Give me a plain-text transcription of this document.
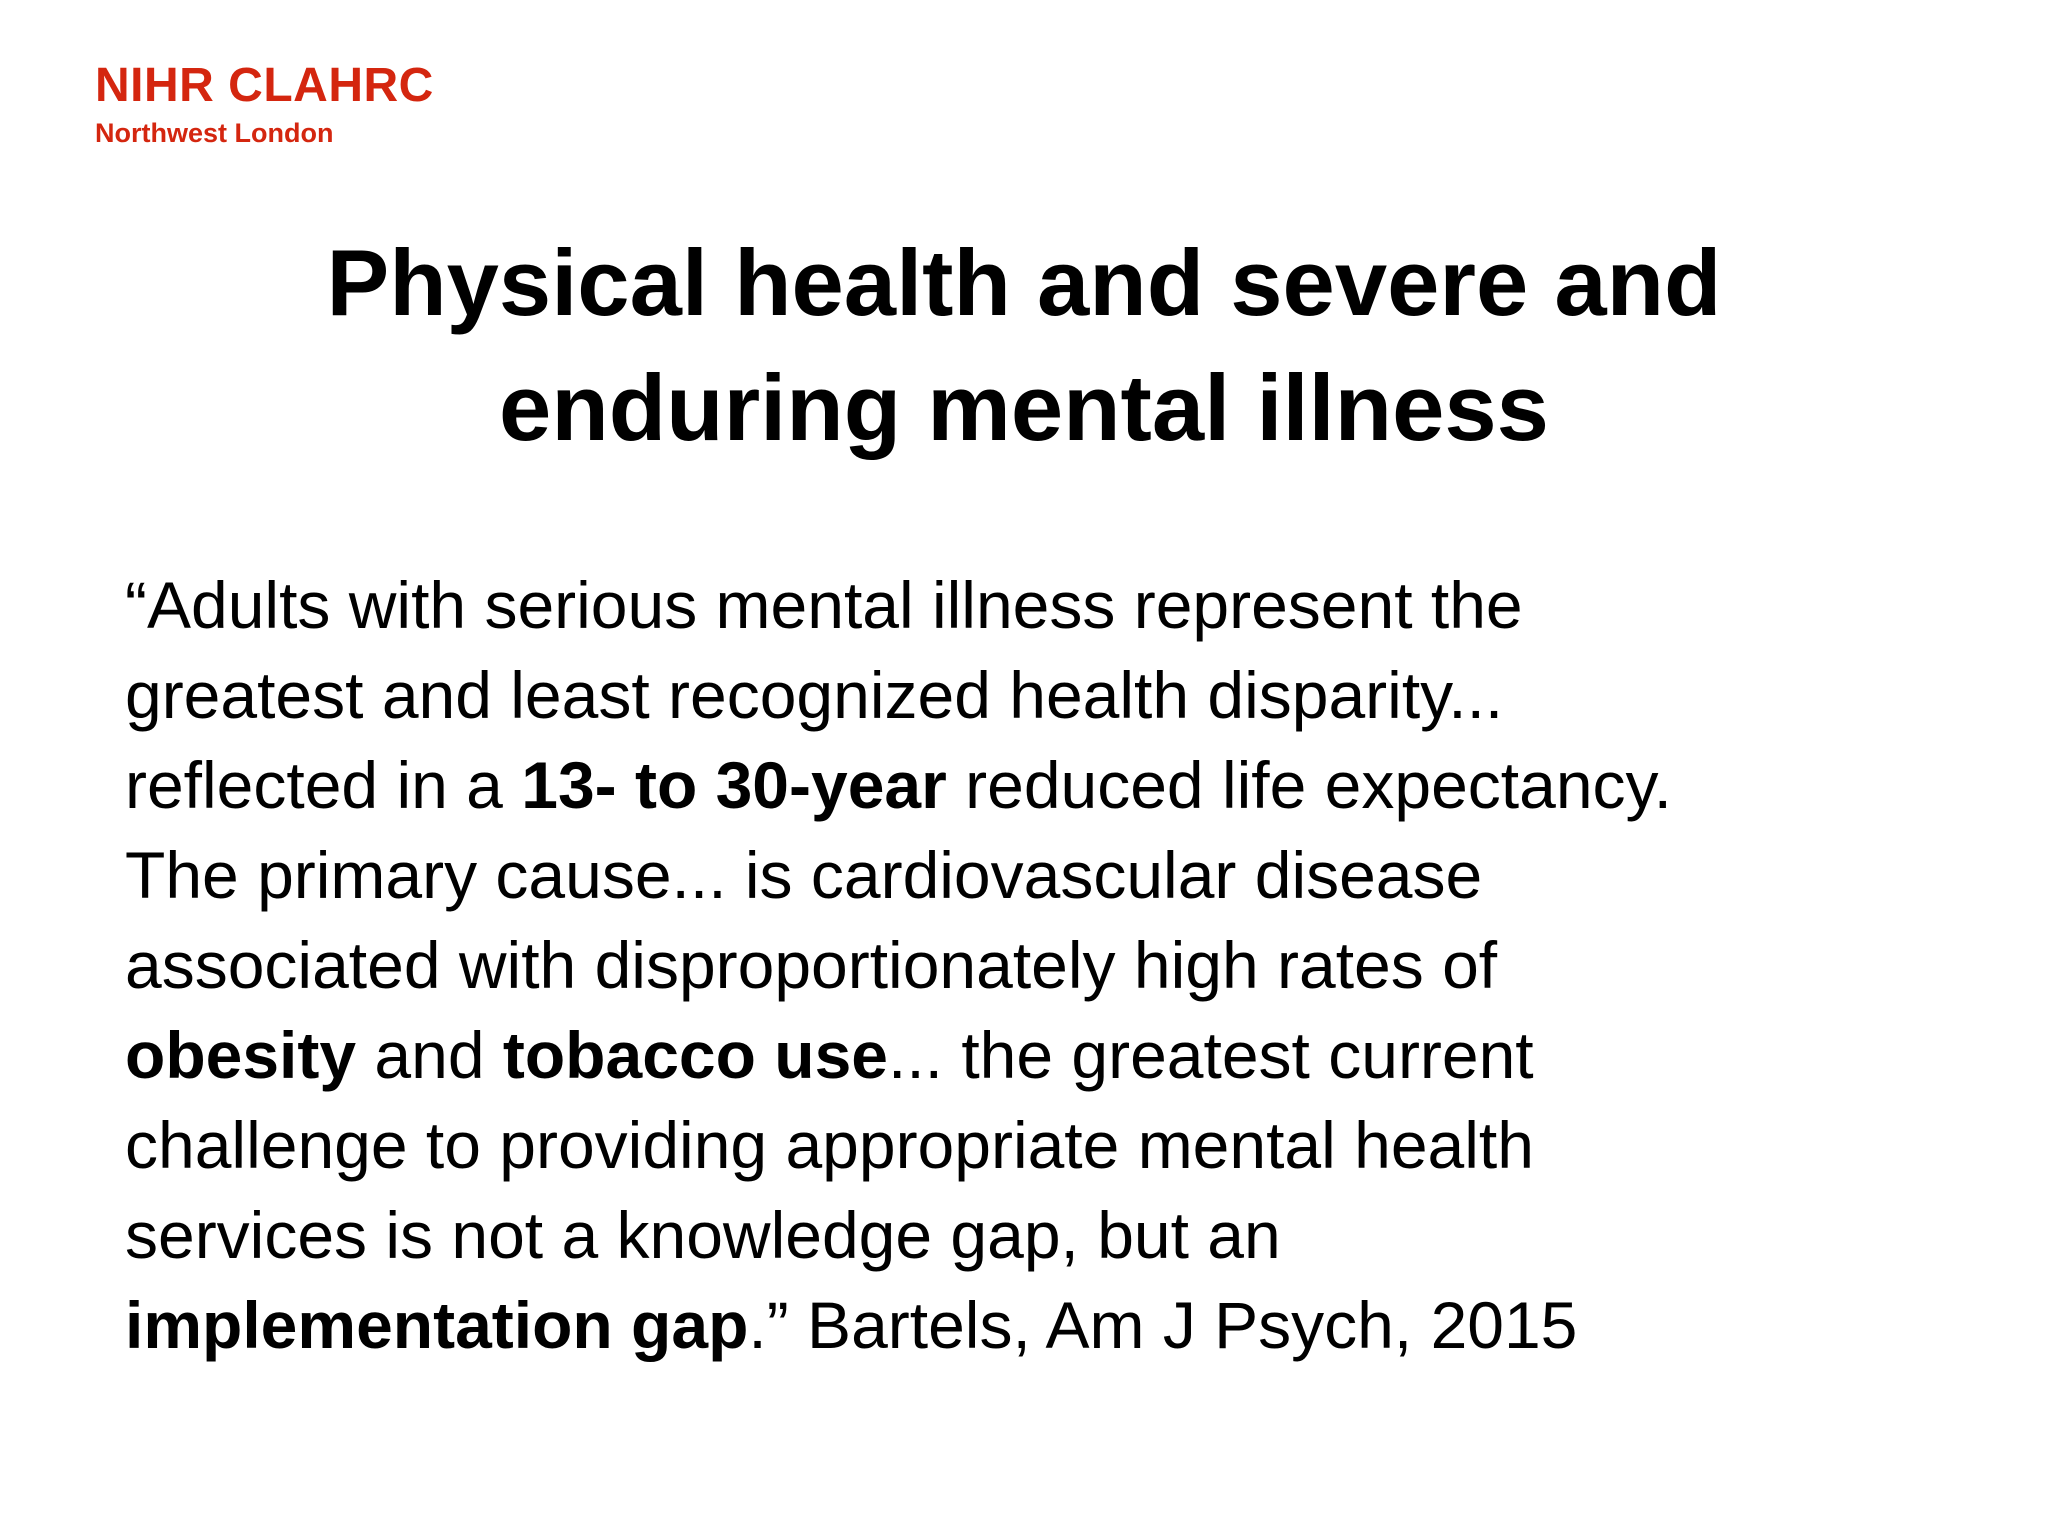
NIHR CLAHRC
Northwest London
Physical health and severe and
enduring mental illness

“Adults with serious mental illness represent the
greatest and least recognized health disparity...
reflected in a 13- to 30-year reduced life expectancy.
The primary cause... is cardiovascular disease
associated with disproportionately high rates of
obesity and tobacco use... the greatest current
challenge to providing appropriate mental health
services is not a knowledge gap, but an
implementation gap.” Bartels, Am J Psych, 2015
